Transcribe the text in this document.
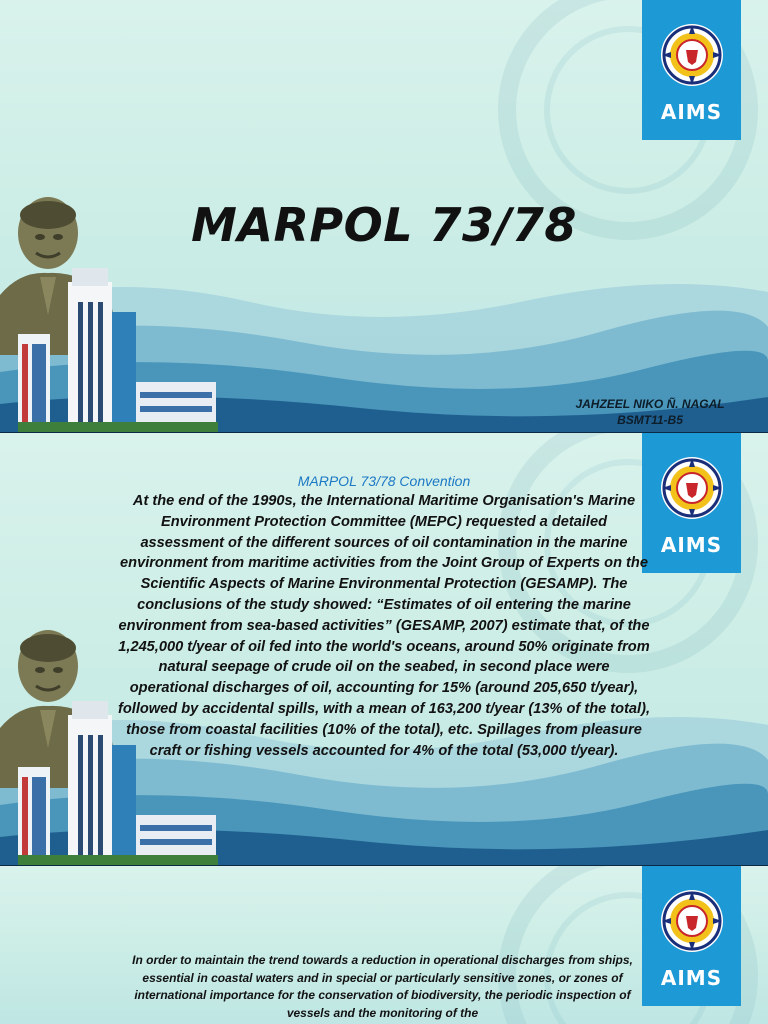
AIMS
MARPOL 73/78
JAHZEEL NIKO Ñ. NAGAL
BSMT11-B5
AIMS
MARPOL 73/78 Convention

At the end of the 1990s, the International Maritime Organisation's Marine Environment Protection Committee (MEPC) requested a detailed assessment of the different sources of oil contamination in the marine environment from maritime activities from the Joint Group of Experts on the Scientific Aspects of Marine Environmental Protection (GESAMP). The conclusions of the study showed: “Estimates of oil entering the marine environment from sea-based activities” (GESAMP, 2007) estimate that, of the 1,245,000 t/year of oil fed into the world's oceans, around 50% originate from natural seepage of crude oil on the seabed, in second place were operational discharges of oil, accounting for 15% (around 205,650 t/year), followed by accidental spills, with a mean of 163,200 t/year (13% of the total), those from coastal facilities (10% of the total), etc. Spillages from pleasure craft or fishing vessels accounted for 4% of the total (53,000 t/year).

AIMS

In order to maintain the trend towards a reduction in operational discharges from ships, essential in coastal waters and in special or particularly sensitive zones, or zones of international importance for the conservation of biodiversity, the periodic inspection of vessels and the monitoring of the
